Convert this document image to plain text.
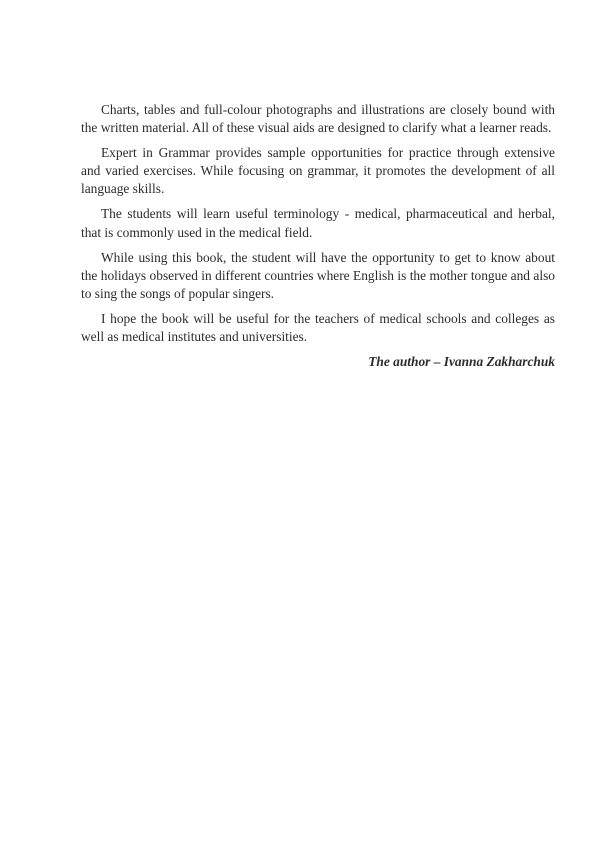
Charts, tables and full-colour photographs and illustrations are closely bound with the written material. All of these visual aids are designed to clarify what a learner reads.

Expert in Grammar provides sample opportunities for practice through extensive and varied exercises. While focusing on grammar, it promotes the development of all language skills.

The students will learn useful terminology - medical, pharmaceutical and herbal, that is commonly used in the medical field.

While using this book, the student will have the opportunity to get to know about the holidays observed in different countries where English is the mother tongue and also to sing the songs of popular singers.

I hope the book will be useful for the teachers of medical schools and colleges as well as medical institutes and universities.

The author – Ivanna Zakharchuk
